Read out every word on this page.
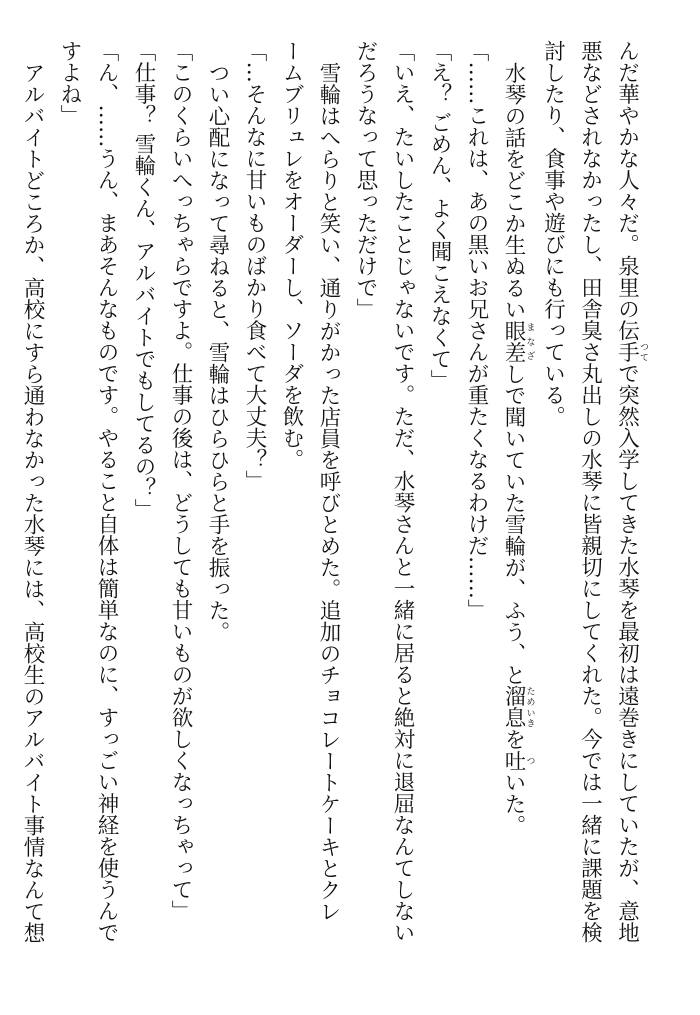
んだ華やかな人々だ。泉里の伝手つてで突然入学してきた水琴を最初は遠巻きにしていたが、意地
悪などされなかったし、田舎臭さ丸出しの水琴に皆親切にしてくれた。今では一緒に課題を検
討したり、食事や遊びにも行っている。
水琴の話をどこか生ぬるい眼差まなざしで聞いていた雪輪が、ふう、と溜息ためいきを吐ついた。
「……これは、あの黒いお兄さんが重たくなるわけだ……」
「え？ ごめん、よく聞こえなくて」
「いえ、たいしたことじゃないです。ただ、水琴さんと一緒に居ると絶対に退屈なんてしない
だろうなって思っただけで」
雪輪はへらりと笑い、通りがかった店員を呼びとめた。追加のチョコレートケーキとクレ
ームブリュレをオーダーし、ソーダを飲む。
「…そんなに甘いものばかり食べて大丈夫？」
つい心配になって尋ねると、雪輪はひらひらと手を振った。
「このくらいへっちゃらですよ。仕事の後は、どうしても甘いものが欲しくなっちゃって」
「仕事？ 雪輪くん、アルバイトでもしてるの？」
「ん、……うん、まあそんなものです。やること自体は簡単なのに、すっごい神経を使うんで
すよね」
アルバイトどころか、高校にすら通わなかった水琴には、高校生のアルバイト事情なんて想
